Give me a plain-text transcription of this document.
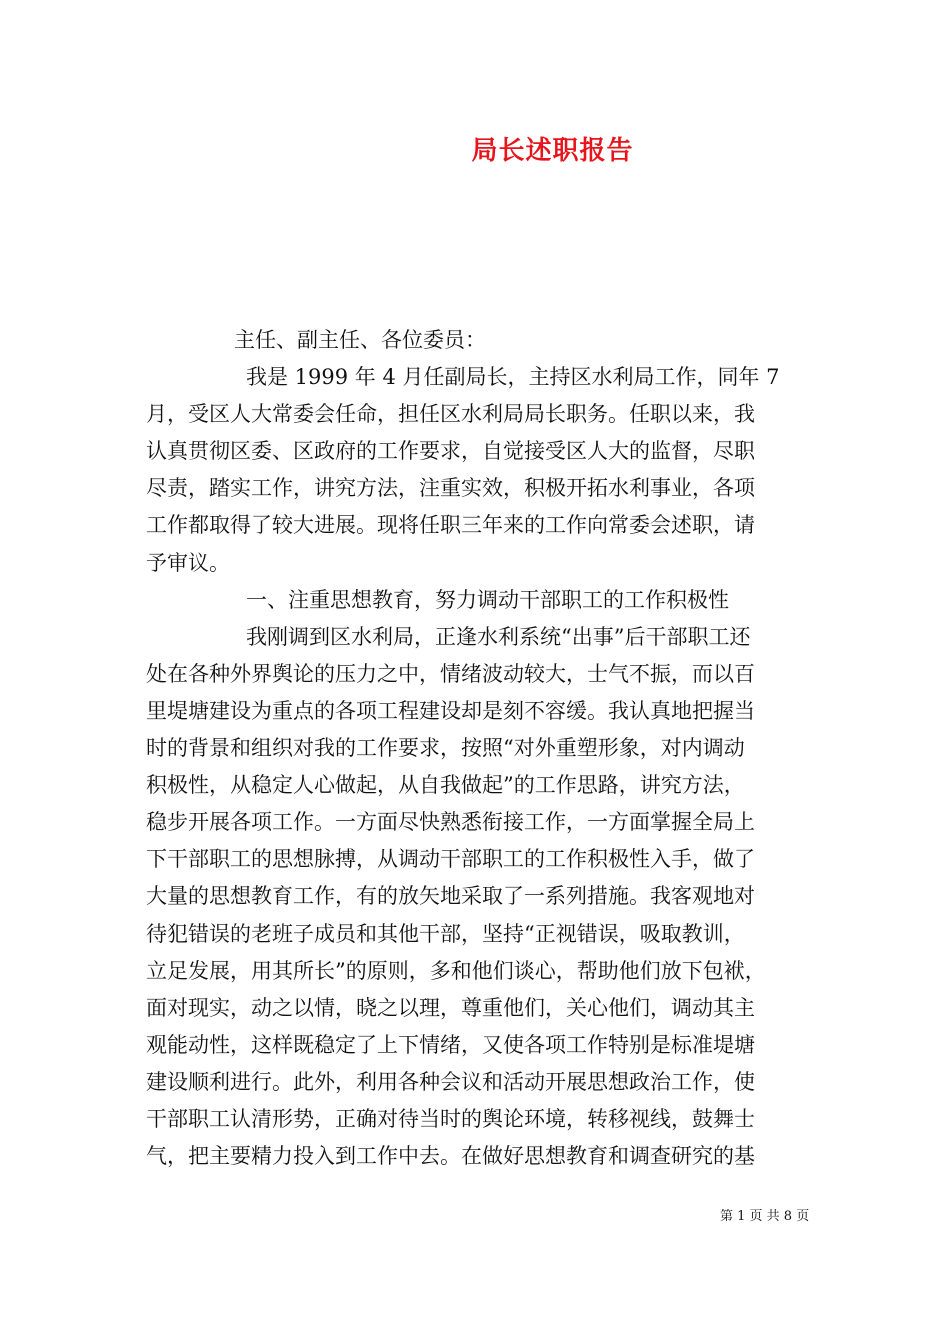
局长述职报告
主任、副主任、各位委员：
我是 1999 年 4 月任副局长，主持区水利局工作，同年 7
月，受区人大常委会任命，担任区水利局局长职务。任职以来，我
认真贯彻区委、区政府的工作要求，自觉接受区人大的监督，尽职
尽责，踏实工作，讲究方法，注重实效，积极开拓水利事业，各项
工作都取得了较大进展。现将任职三年来的工作向常委会述职，请
予审议。
一、注重思想教育，努力调动干部职工的工作积极性
我刚调到区水利局，正逢水利系统“出事”后干部职工还
处在各种外界舆论的压力之中，情绪波动较大，士气不振，而以百
里堤塘建设为重点的各项工程建设却是刻不容缓。我认真地把握当
时的背景和组织对我的工作要求，按照“对外重塑形象，对内调动
积极性，从稳定人心做起，从自我做起”的工作思路，讲究方法，
稳步开展各项工作。一方面尽快熟悉衔接工作，一方面掌握全局上
下干部职工的思想脉搏，从调动干部职工的工作积极性入手，做了
大量的思想教育工作，有的放矢地采取了一系列措施。我客观地对
待犯错误的老班子成员和其他干部，坚持“正视错误，吸取教训，
立足发展，用其所长”的原则，多和他们谈心，帮助他们放下包袱，
面对现实，动之以情，晓之以理，尊重他们，关心他们，调动其主
观能动性，这样既稳定了上下情绪，又使各项工作特别是标准堤塘
建设顺利进行。此外，利用各种会议和活动开展思想政治工作，使
干部职工认清形势，正确对待当时的舆论环境，转移视线，鼓舞士
气，把主要精力投入到工作中去。在做好思想教育和调查研究的基
第 1 页 共 8 页
